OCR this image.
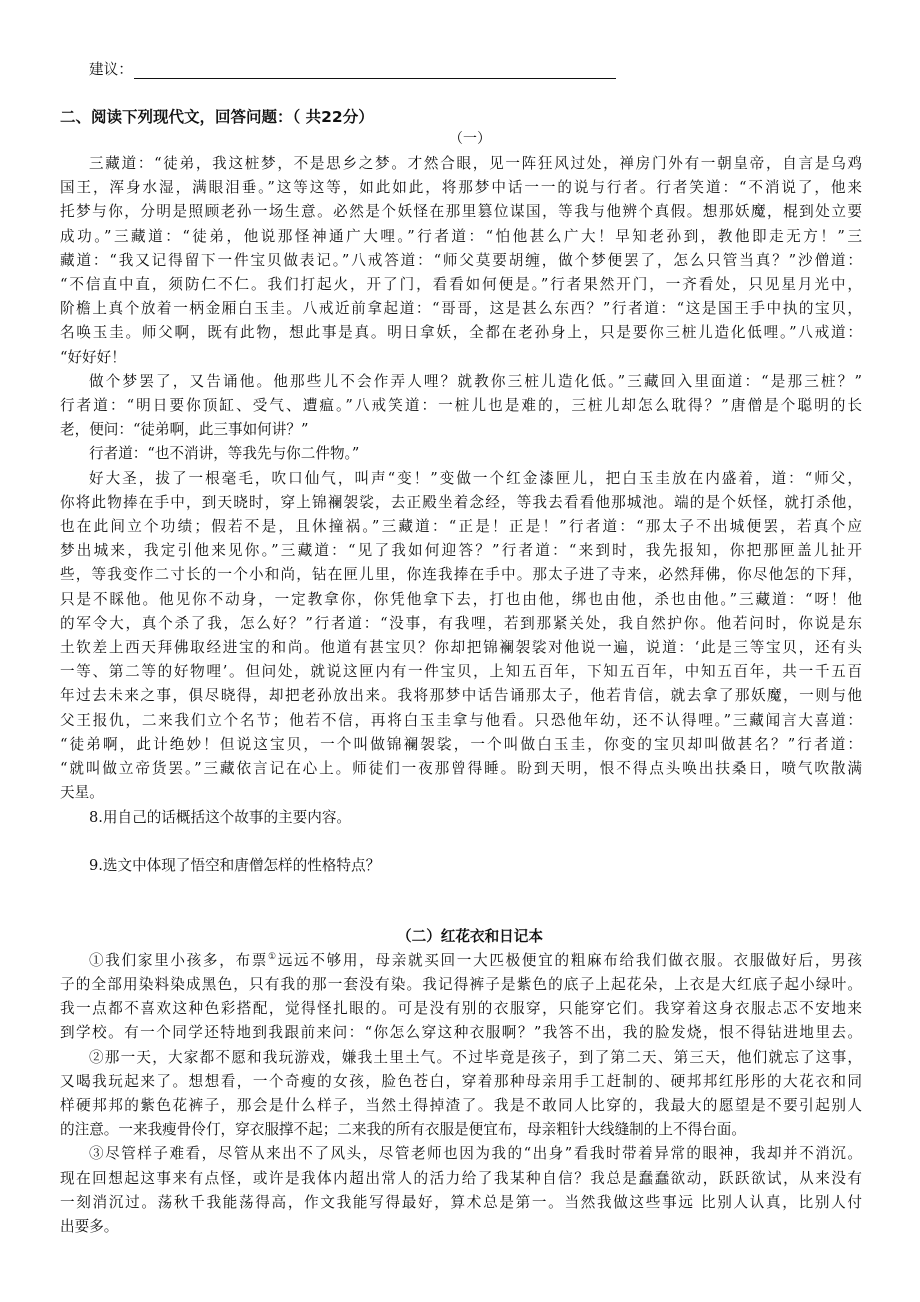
建议：
二、阅读下列现代文，回答问题：（ 共22分）
（一）
三藏道：“徒弟，我这桩梦，不是思乡之梦。才然合眼，见一阵狂风过处，禅房门外有一朝皇帝，自言是乌鸡
国王，浑身水湿，满眼泪垂。”这等这等，如此如此，将那梦中话一一的说与行者。行者笑道：“不消说了，他来
托梦与你，分明是照顾老孙一场生意。必然是个妖怪在那里篡位谋国，等我与他辨个真假。想那妖魔，棍到处立要
成功。”三藏道：“徒弟，他说那怪神通广大哩。”行者道：“怕他甚么广大！早知老孙到，教他即走无方！”三
藏道：“我又记得留下一件宝贝做表记。”八戒答道：“师父莫要胡缠，做个梦便罢了，怎么只管当真？”沙僧道：
“不信直中直，须防仁不仁。我们打起火，开了门，看看如何便是。”行者果然开门，一齐看处，只见星月光中，
阶檐上真个放着一柄金厢白玉圭。八戒近前拿起道：“哥哥，这是甚么东西？”行者道：“这是国王手中执的宝贝，
名唤玉圭。师父啊，既有此物，想此事是真。明日拿妖，全都在老孙身上，只是要你三桩儿造化低哩。”八戒道：
“好好好！
做个梦罢了，又告诵他。他那些儿不会作弄人哩？就教你三桩儿造化低。”三藏回入里面道：“是那三桩？”
行者道：“明日要你顶缸、受气、遭瘟。”八戒笑道：一桩儿也是难的，三桩儿却怎么耽得？”唐僧是个聪明的长
老，便问：“徒弟啊，此三事如何讲？”
行者道：“也不消讲，等我先与你二件物。”
好大圣，拔了一根毫毛，吹口仙气，叫声“变！”变做一个红金漆匣儿，把白玉圭放在内盛着，道：“师父，
你将此物捧在手中，到天晓时，穿上锦襕袈裟，去正殿坐着念经，等我去看看他那城池。端的是个妖怪，就打杀他，
也在此间立个功绩；假若不是，且休撞祸。”三藏道：“正是！正是！”行者道：“那太子不出城便罢，若真个应
梦出城来，我定引他来见你。”三藏道：“见了我如何迎答？”行者道：“来到时，我先报知，你把那匣盖儿扯开
些，等我变作二寸长的一个小和尚，钻在匣儿里，你连我捧在手中。那太子进了寺来，必然拜佛，你尽他怎的下拜，
只是不睬他。他见你不动身，一定教拿你，你凭他拿下去，打也由他，绑也由他，杀也由他。”三藏道：“呀！他
的军令大，真个杀了我，怎么好？”行者道：“没事，有我哩，若到那紧关处，我自然护你。他若问时，你说是东
土钦差上西天拜佛取经进宝的和尚。他道有甚宝贝？你却把锦襕袈裟对他说一遍，说道：‘此是三等宝贝，还有头
一等、第二等的好物哩’。但问处，就说这匣内有一件宝贝，上知五百年，下知五百年，中知五百年，共一千五百
年过去未来之事，俱尽晓得，却把老孙放出来。我将那梦中话告诵那太子，他若肯信，就去拿了那妖魔，一则与他
父王报仇，二来我们立个名节；他若不信，再将白玉圭拿与他看。只恐他年幼，还不认得哩。”三藏闻言大喜道：
“徒弟啊，此计绝妙！但说这宝贝，一个叫做锦襕袈裟，一个叫做白玉圭，你变的宝贝却叫做甚名？”行者道：
“就叫做立帝货罢。”三藏依言记在心上。师徒们一夜那曾得睡。盼到天明，恨不得点头唤出扶桑日，喷气吹散满
天星。
8.用自己的话概括这个故事的主要内容。
9.选文中体现了悟空和唐僧怎样的性格特点？
（二）红花衣和日记本
①我们家里小孩多，布票①远远不够用，母亲就买回一大匹极便宜的粗麻布给我们做衣服。衣服做好后，男孩
子的全部用染料染成黑色，只有我的那一套没有染。我记得裤子是紫色的底子上起花朵，上衣是大红底子起小绿叶。
我一点都不喜欢这种色彩搭配，觉得怪扎眼的。可是没有别的衣服穿，只能穿它们。我穿着这身衣服忐忑不安地来
到学校。有一个同学还特地到我跟前来问：“你怎么穿这种衣服啊？”我答不出，我的脸发烧，恨不得钻进地里去。
②那一天，大家都不愿和我玩游戏，嫌我土里土气。不过毕竟是孩子，到了第二天、第三天，他们就忘了这事，
又喝我玩起来了。想想看，一个奇瘦的女孩，脸色苍白，穿着那种母亲用手工赶制的、硬邦邦红彤彤的大花衣和同
样硬邦邦的紫色花裤子，那会是什么样子，当然土得掉渣了。我是不敢同人比穿的，我最大的愿望是不要引起别人
的注意。一来我瘦骨伶仃，穿衣服撑不起；二来我的所有衣服是便宜布，母亲粗针大线缝制的上不得台面。
③尽管样子难看，尽管从来出不了风头，尽管老师也因为我的“出身”看我时带着异常的眼神，我却并不消沉。
现在回想起这事来有点怪，或许是我体内超出常人的活力给了我某种自信？我总是蠢蠢欲动，跃跃欲试，从来没有
一刻消沉过。荡秋千我能荡得高，作文我能写得最好，算术总是第一。当然我做这些事远 比别人认真，比别人付
出要多。
